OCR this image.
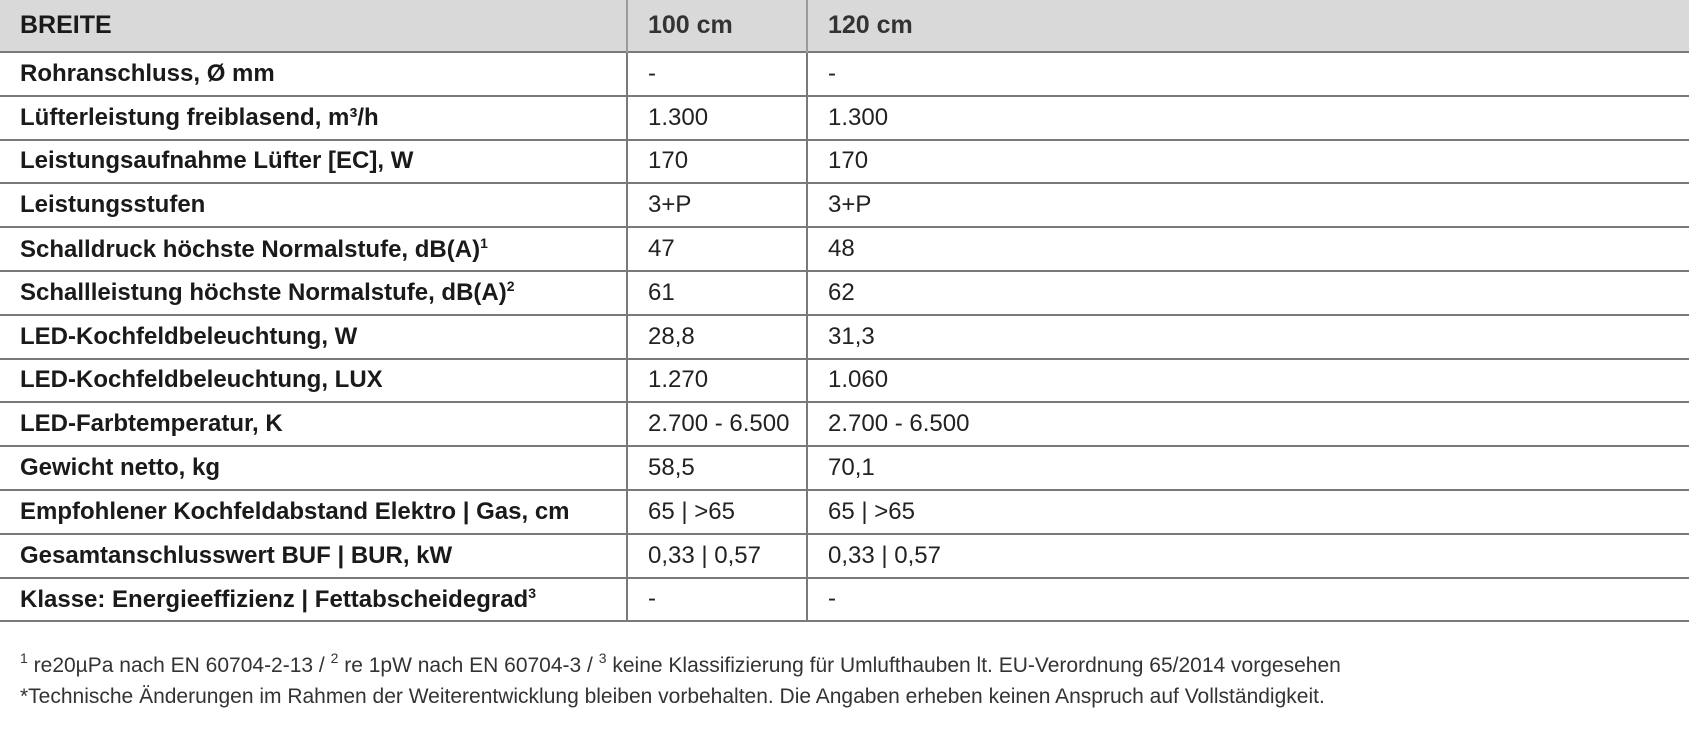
BREITE	100 cm	120 cm
Rohranschluss, Ø mm	-	-
Lüfterleistung freiblasend, m³/h	1.300	1.300
Leistungsaufnahme Lüfter [EC], W	170	170
Leistungsstufen	3+P	3+P
Schalldruck höchste Normalstufe, $dB(A)^1$	47	48
Schallleistung höchste Normalstufe, $dB(A)^2$	61	62
LED-Kochfeldbeleuchtung, W	28,8	31,3
LED-Kochfeldbeleuchtung, LUX	1.270	1.060
LED-Farbtemperatur, K	2.700 - 6.500	2.700 - 6.500
Gewicht netto, kg	58,5	70,1
Empfohlener Kochfeldabstand Elektro | Gas, cm	65 | >65	65 | >65
Gesamtanschlusswert BUF | BUR, kW	0,33 | 0,57	0,33 | 0,57
Klasse: Energieeffizienz | Fettabscheidegrad$^3$	-	-
$^1$ re20µPa nach EN 60704-2-13 / $^2$ re 1pW nach EN 60704-3 / $^3$ keine Klassifizierung für Umlufthauben lt. EU-Verordnung 65/2014 vorgesehen
*Technische Änderungen im Rahmen der Weiterentwicklung bleiben vorbehalten. Die Angaben erheben keinen Anspruch auf Vollständigkeit.
